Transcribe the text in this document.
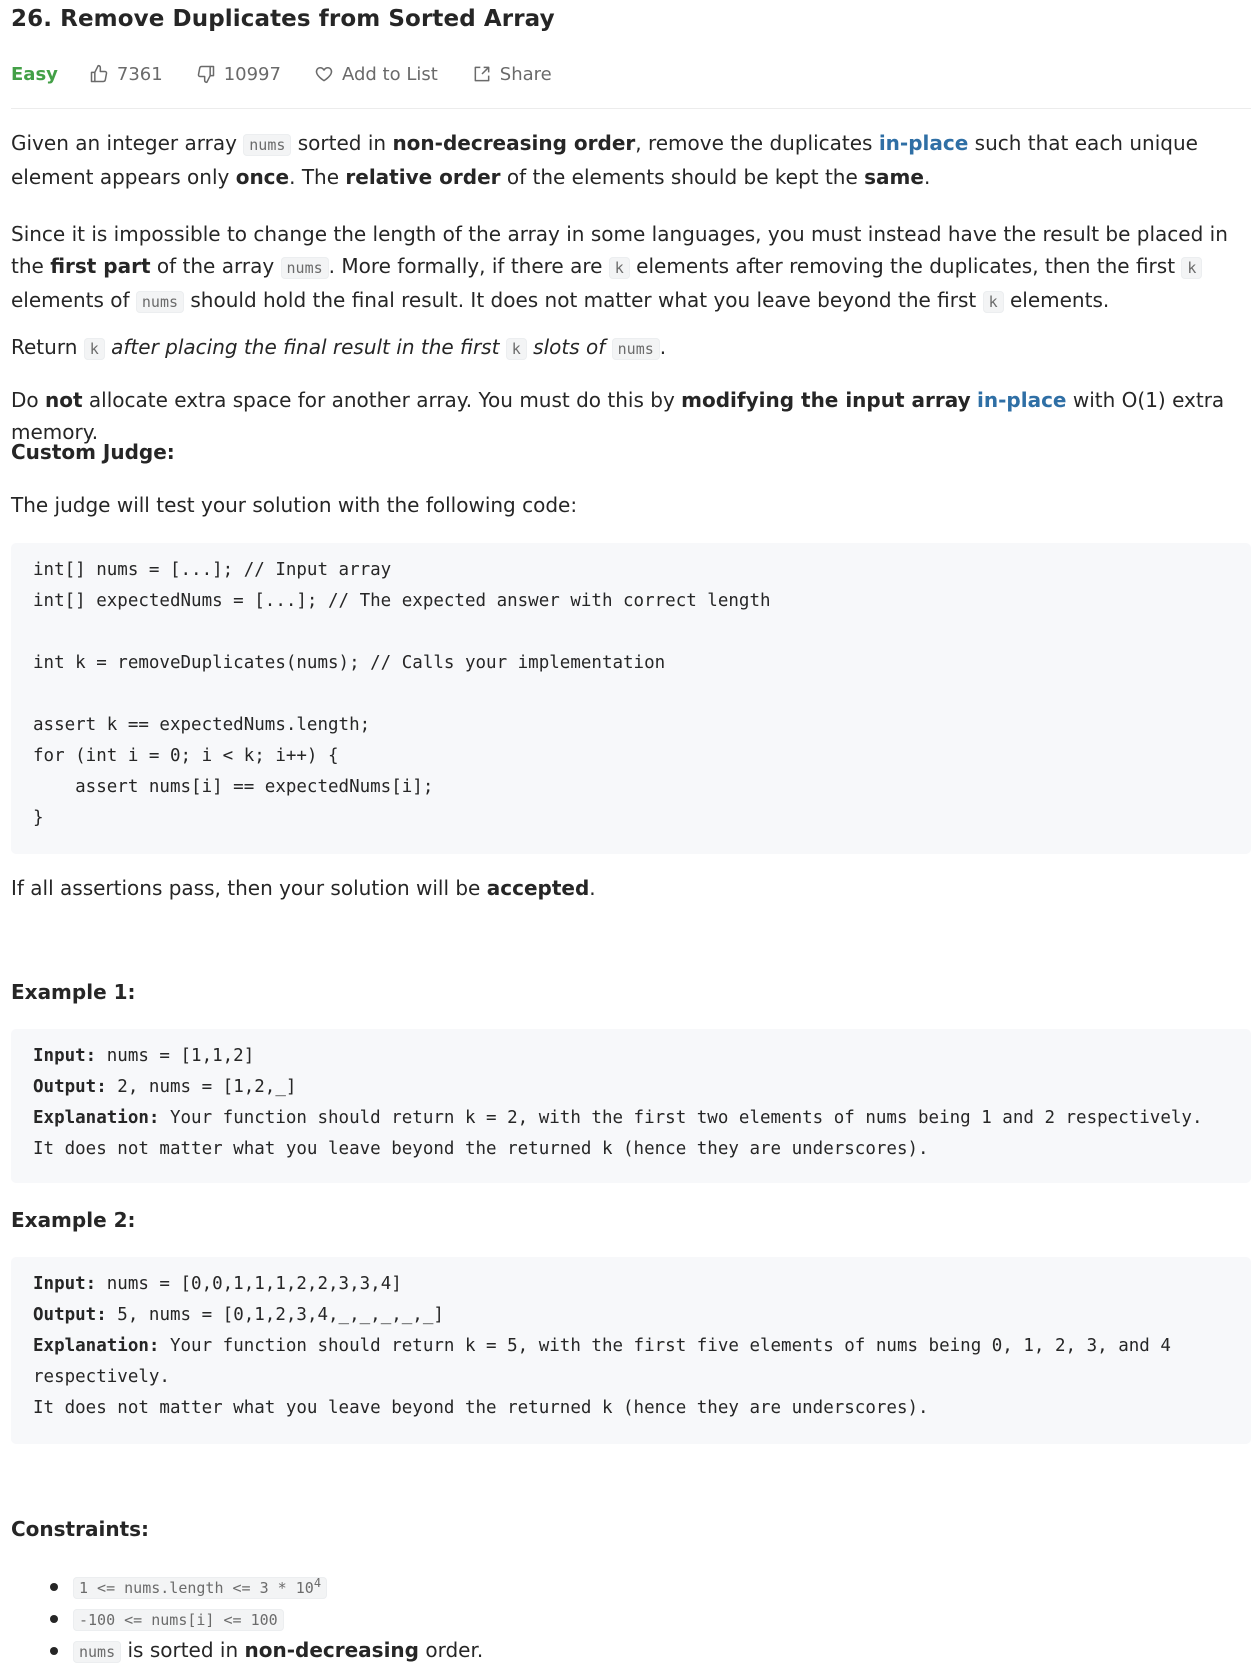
26. Remove Duplicates from Sorted Array
Easy	7361	10997	Add to List	Share

Given an integer array nums sorted in non-decreasing order, remove the duplicates in-place such that each unique element appears only once. The relative order of the elements should be kept the same.

Since it is impossible to change the length of the array in some languages, you must instead have the result be placed in the first part of the array nums . More formally, if there are k elements after removing the duplicates, then the first k elements of nums should hold the final result. It does not matter what you leave beyond the first k elements.

Return k after placing the final result in the first k slots of nums .

Do not allocate extra space for another array. You must do this by modifying the input array in-place with O(1) extra memory.

Custom Judge:

The judge will test your solution with the following code:

If all assertions pass, then your solution will be accepted.

int[] nums = [...]; // Input array
int[] expectedNums = [...]; // The expected answer with correct length
int k = removeDuplicates(nums); // Calls your implementation
assert k == expectedNums.length;
for (int i = 0; i < k; i++) {
assert nums[i] == expectedNums[i];
}
Example 1:
Input: nums = [1,1,2]
Output: 2, nums = [1,2,_]
Explanation: Your function should return k = 2, with the first two elements of nums being 1 and 2 respectively.
It does not matter what you leave beyond the returned k (hence they are underscores).
Example 2:
Input: nums = [0,0,1,1,1,2,2,3,3,4]
Output: 5, nums = [0,1,2,3,4,_,_,_,_,_]
Explanation: Your function should return k = 5, with the first five elements of nums being 0, 1, 2, 3, and 4
respectively.
It does not matter what you leave beyond the returned k (hence they are underscores).
Constraints:
1 <= nums.length <= $3 * 10^4$
-100 <= nums[i] <= 100
nums is sorted in non-decreasing order.
